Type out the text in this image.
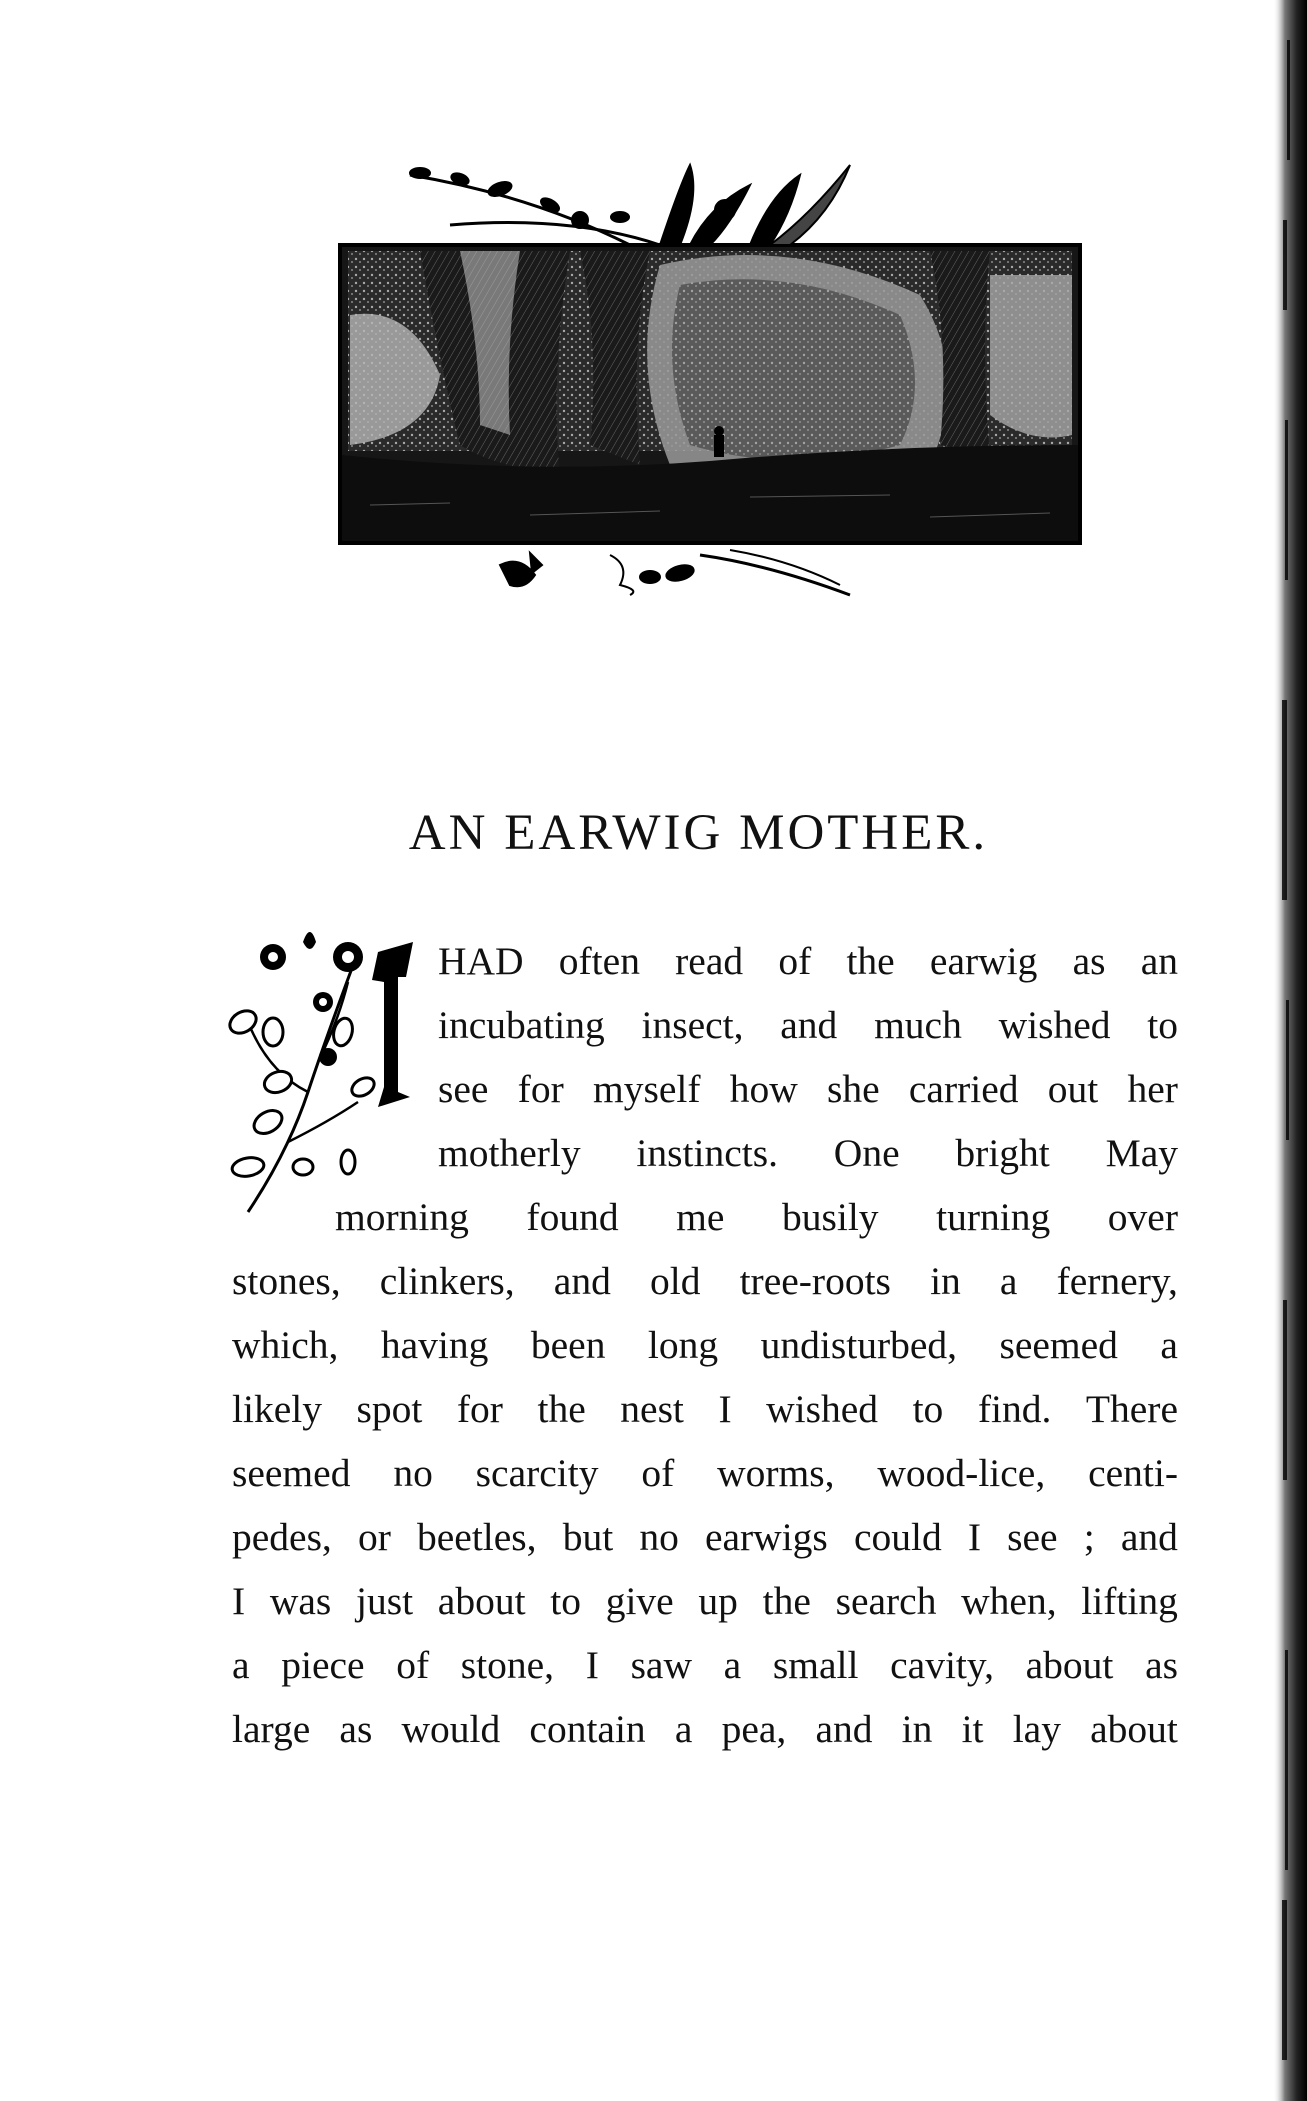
AN EARWIG MOTHER.
HAD often read of the earwig as an
incubating insect, and much wished to
see for myself how she carried out her
motherly instincts. One bright May
morning found me busily turning over
stones, clinkers, and old tree-roots in a fernery,
which, having been long undisturbed, seemed a
likely spot for the nest I wished to find. There
seemed no scarcity of worms, wood-lice, centi-
pedes, or beetles, but no earwigs could I see ; and
I was just about to give up the search when, lifting
a piece of stone, I saw a small cavity, about as
large as would contain a pea, and in it lay about
